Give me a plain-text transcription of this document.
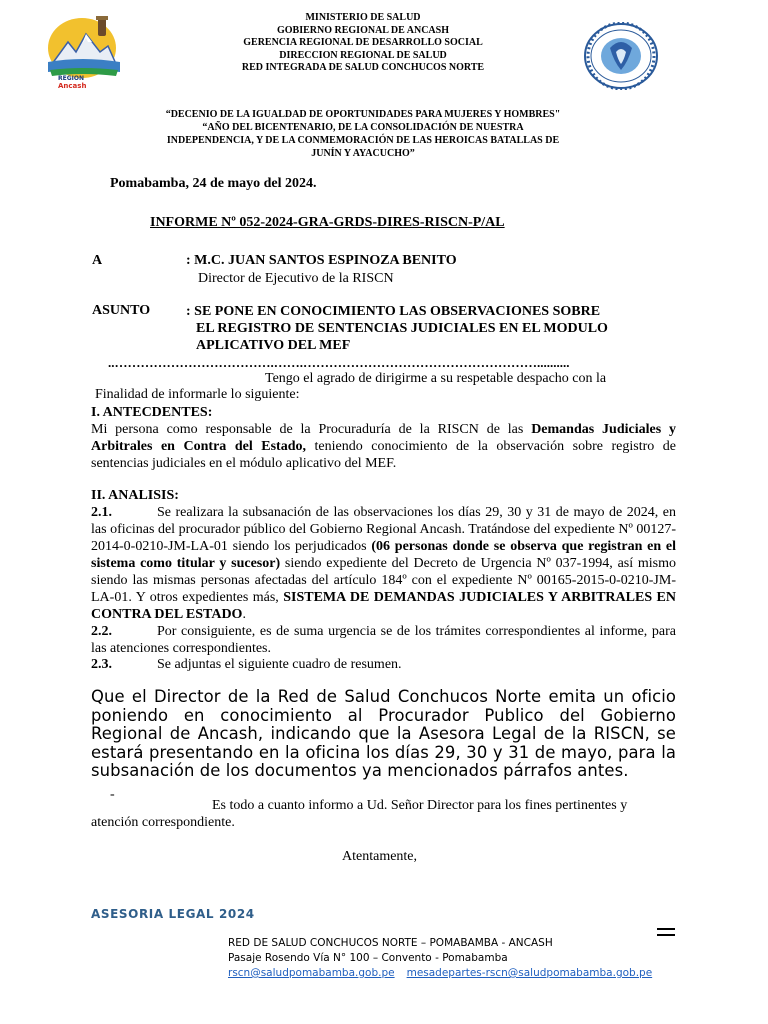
REGION
Ancash
MINISTERIO DE SALUD
GOBIERNO REGIONAL DE ANCASH
GERENCIA REGIONAL DE DESARROLLO SOCIAL
DIRECCION REGIONAL DE SALUD
RED INTEGRADA DE SALUD CONCHUCOS NORTE
“DECENIO DE LA IGUALDAD DE OPORTUNIDADES PARA MUJERES Y HOMBRES"
“AÑO DEL BICENTENARIO, DE LA CONSOLIDACIÓN DE NUESTRA
INDEPENDENCIA, Y DE LA CONMEMORACIÓN DE LAS HEROICAS BATALLAS DE
JUNÍN Y AYACUCHO”
Pomabamba, 24 de mayo del 2024.
INFORME Nº 052-2024-GRA-GRDS-DIRES-RISCN-P/AL
A	: M.C. JUAN SANTOS ESPINOZA BENITO
Director de Ejecutivo de la RISCN
ASUNTO	: SE PONE EN CONOCIMIENTO LAS OBSERVACIONES SOBRE
EL REGISTRO DE SENTENCIAS JUDICIALES EN EL MODULO
APLICATIVO DEL MEF
..……………………………….…….………………………………………………..........
Tengo el agrado de dirigirme a su respetable despacho con la
Finalidad de informarle lo siguiente:
I. ANTECDENTES:
Mi persona como responsable de la Procuraduría de la RISCN de las Demandas Judiciales y Arbitrales en Contra del Estado, teniendo conocimiento de la observación sobre registro de sentencias judiciales en el módulo aplicativo del MEF.
II. ANALISIS:
2.1.	Se realizara la subsanación de las observaciones los días 29, 30 y 31 de mayo de 2024, en las oficinas del procurador público del Gobierno Regional Ancash. Tratándose del expediente Nº 00127-2014-0-0210-JM-LA-01 siendo los perjudicados (06 personas donde se observa que registran en el sistema como titular y sucesor) siendo expediente del Decreto de Urgencia Nº 037-1994, así mismo siendo las mismas personas afectadas del artículo 184º con el expediente Nº 00165-2015-0-0210-JM-LA-01. Y otros expedientes más, SISTEMA DE DEMANDAS JUDICIALES Y ARBITRALES EN CONTRA DEL ESTADO.
2.2.	Por consiguiente, es de suma urgencia se de los trámites correspondientes al informe, para las atenciones correspondientes.
2.3.	Se adjuntas el siguiente cuadro de resumen.
Que el Director de la Red de Salud Conchucos Norte emita un oficio poniendo en conocimiento al Procurador Publico del Gobierno Regional de Ancash, indicando que la Asesora Legal de la RISCN, se estará presentando en la oficina los días 29, 30 y 31 de mayo, para la subsanación de los documentos ya mencionados párrafos antes.
-
Es todo a cuanto informo a Ud. Señor Director para los fines pertinentes y
atención correspondiente.
Atentamente,
ASESORIA LEGAL 2024
RED DE SALUD CONCHUCOS NORTE – POMABAMBA - ANCASH
Pasaje Rosendo Vía N° 100 – Convento - Pomabamba
rscn@saludpomabamba.gob.pe mesadepartes-rscn@saludpomabamba.gob.pe
